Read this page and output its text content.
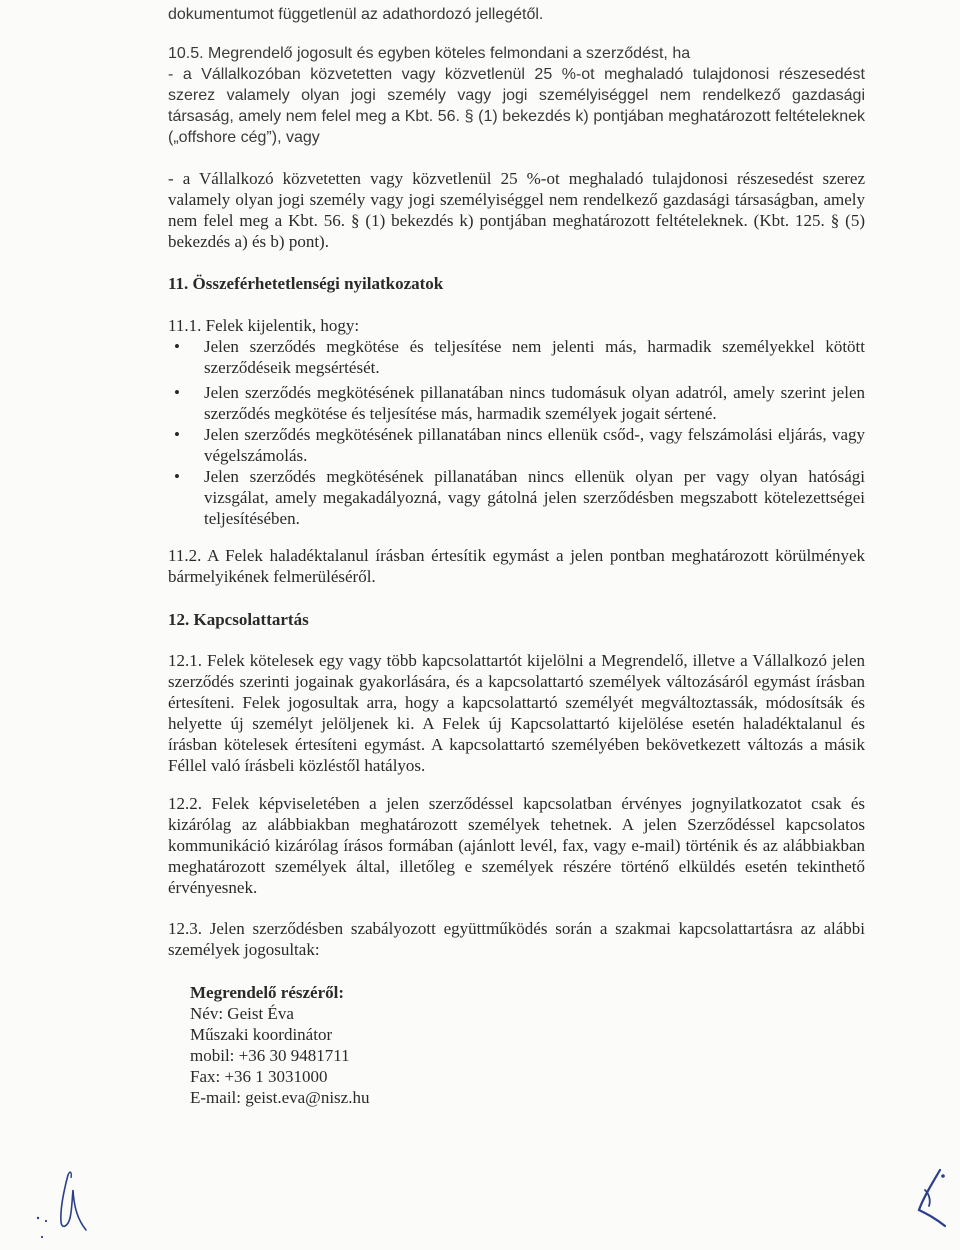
dokumentumot függetlenül az adathordozó jellegétől.

10.5. Megrendelő jogosult és egyben köteles felmondani a szerződést, ha

- a Vállalkozóban közvetetten vagy közvetlenül 25 %-ot meghaladó tulajdonosi részesedést szerez valamely olyan jogi személy vagy jogi személyiséggel nem rendelkező gazdasági társaság, amely nem felel meg a Kbt. 56. § (1) bekezdés k) pontjában meghatározott feltételeknek („offshore cég”), vagy

- a Vállalkozó közvetetten vagy közvetlenül 25 %-ot meghaladó tulajdonosi részesedést szerez valamely olyan jogi személy vagy jogi személyiséggel nem rendelkező gazdasági társaságban, amely nem felel meg a Kbt. 56. § (1) bekezdés k) pontjában meghatározott feltételeknek. (Kbt. 125. § (5) bekezdés a) és b) pont).

11. Összeférhetetlenségi nyilatkozatok

11.1. Felek kijelentik, hogy:

• Jelen szerződés megkötése és teljesítése nem jelenti más, harmadik személyekkel kötött szerződéseik megsértését.
• Jelen szerződés megkötésének pillanatában nincs tudomásuk olyan adatról, amely szerint jelen szerződés megkötése és teljesítése más, harmadik személyek jogait sértené.
• Jelen szerződés megkötésének pillanatában nincs ellenük csőd-, vagy felszámolási eljárás, vagy végelszámolás.
• Jelen szerződés megkötésének pillanatában nincs ellenük olyan per vagy olyan hatósági vizsgálat, amely megakadályozná, vagy gátolná jelen szerződésben megszabott kötelezettségei teljesítésében.

11.2. A Felek haladéktalanul írásban értesítik egymást a jelen pontban meghatározott körülmények bármelyikének felmerüléséről.

12. Kapcsolattartás

12.1. Felek kötelesek egy vagy több kapcsolattartót kijelölni a Megrendelő, illetve a Vállalkozó jelen szerződés szerinti jogainak gyakorlására, és a kapcsolattartó személyek változásáról egymást írásban értesíteni. Felek jogosultak arra, hogy a kapcsolattartó személyét megváltoztassák, módosítsák és helyette új személyt jelöljenek ki. A Felek új Kapcsolattartó kijelölése esetén haladéktalanul és írásban kötelesek értesíteni egymást. A kapcsolattartó személyében bekövetkezett változás a másik Féllel való írásbeli közléstől hatályos.

12.2. Felek képviseletében a jelen szerződéssel kapcsolatban érvényes jognyilatkozatot csak és kizárólag az alábbiakban meghatározott személyek tehetnek. A jelen Szerződéssel kapcsolatos kommunikáció kizárólag írásos formában (ajánlott levél, fax, vagy e-mail) történik és az alábbiakban meghatározott személyek által, illetőleg e személyek részére történő elküldés esetén tekinthető érvényesnek.

12.3. Jelen szerződésben szabályozott együttműködés során a szakmai kapcsolattartásra az alábbi személyek jogosultak:

Megrendelő részéről:
Név: Geist Éva
Műszaki koordinátor
mobil: +36 30 9481711
Fax: +36 1 3031000
E-mail: geist.eva@nisz.hu
